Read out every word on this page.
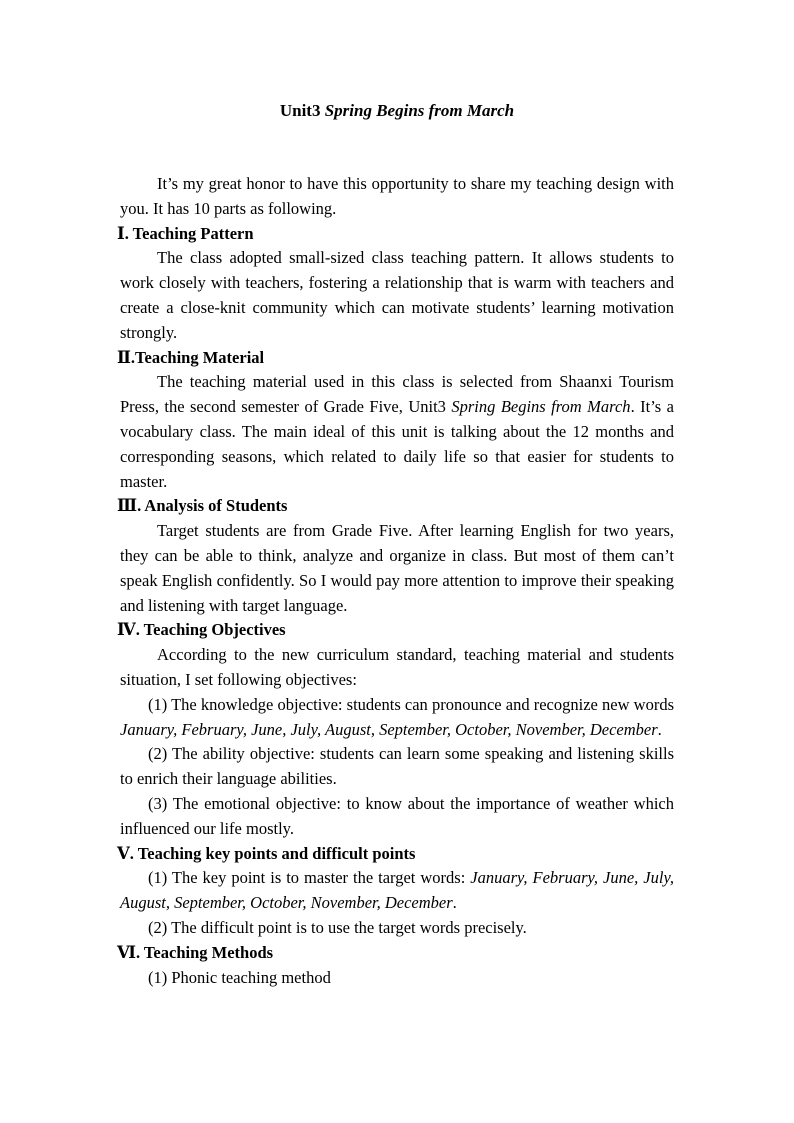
Unit3 Spring Begins from March

It’s my great honor to have this opportunity to share my teaching design with you. It has 10 parts as following.

Ⅰ. Teaching Pattern

The class adopted small-sized class teaching pattern. It allows students to work closely with teachers, fostering a relationship that is warm with teachers and create a close-knit community which can motivate students’ learning motivation strongly.

Ⅱ.Teaching Material

The teaching material used in this class is selected from Shaanxi Tourism Press, the second semester of Grade Five, Unit3 Spring Begins from March. It’s a vocabulary class. The main ideal of this unit is talking about the 12 months and corresponding seasons, which related to daily life so that easier for students to master.

Ⅲ. Analysis of Students

Target students are from Grade Five. After learning English for two years, they can be able to think, analyze and organize in class. But most of them can’t speak English confidently. So I would pay more attention to improve their speaking and listening with target language.

Ⅳ. Teaching Objectives

According to the new curriculum standard, teaching material and students situation, I set following objectives:

(1) The knowledge objective: students can pronounce and recognize new words January, February, June, July, August, September, October, November, December.

(2) The ability objective: students can learn some speaking and listening skills to enrich their language abilities.

(3) The emotional objective: to know about the importance of weather which influenced our life mostly.

Ⅴ. Teaching key points and difficult points

(1) The key point is to master the target words: January, February, June, July, August, September, October, November, December.

(2) The difficult point is to use the target words precisely.

Ⅵ. Teaching Methods

(1) Phonic teaching method
